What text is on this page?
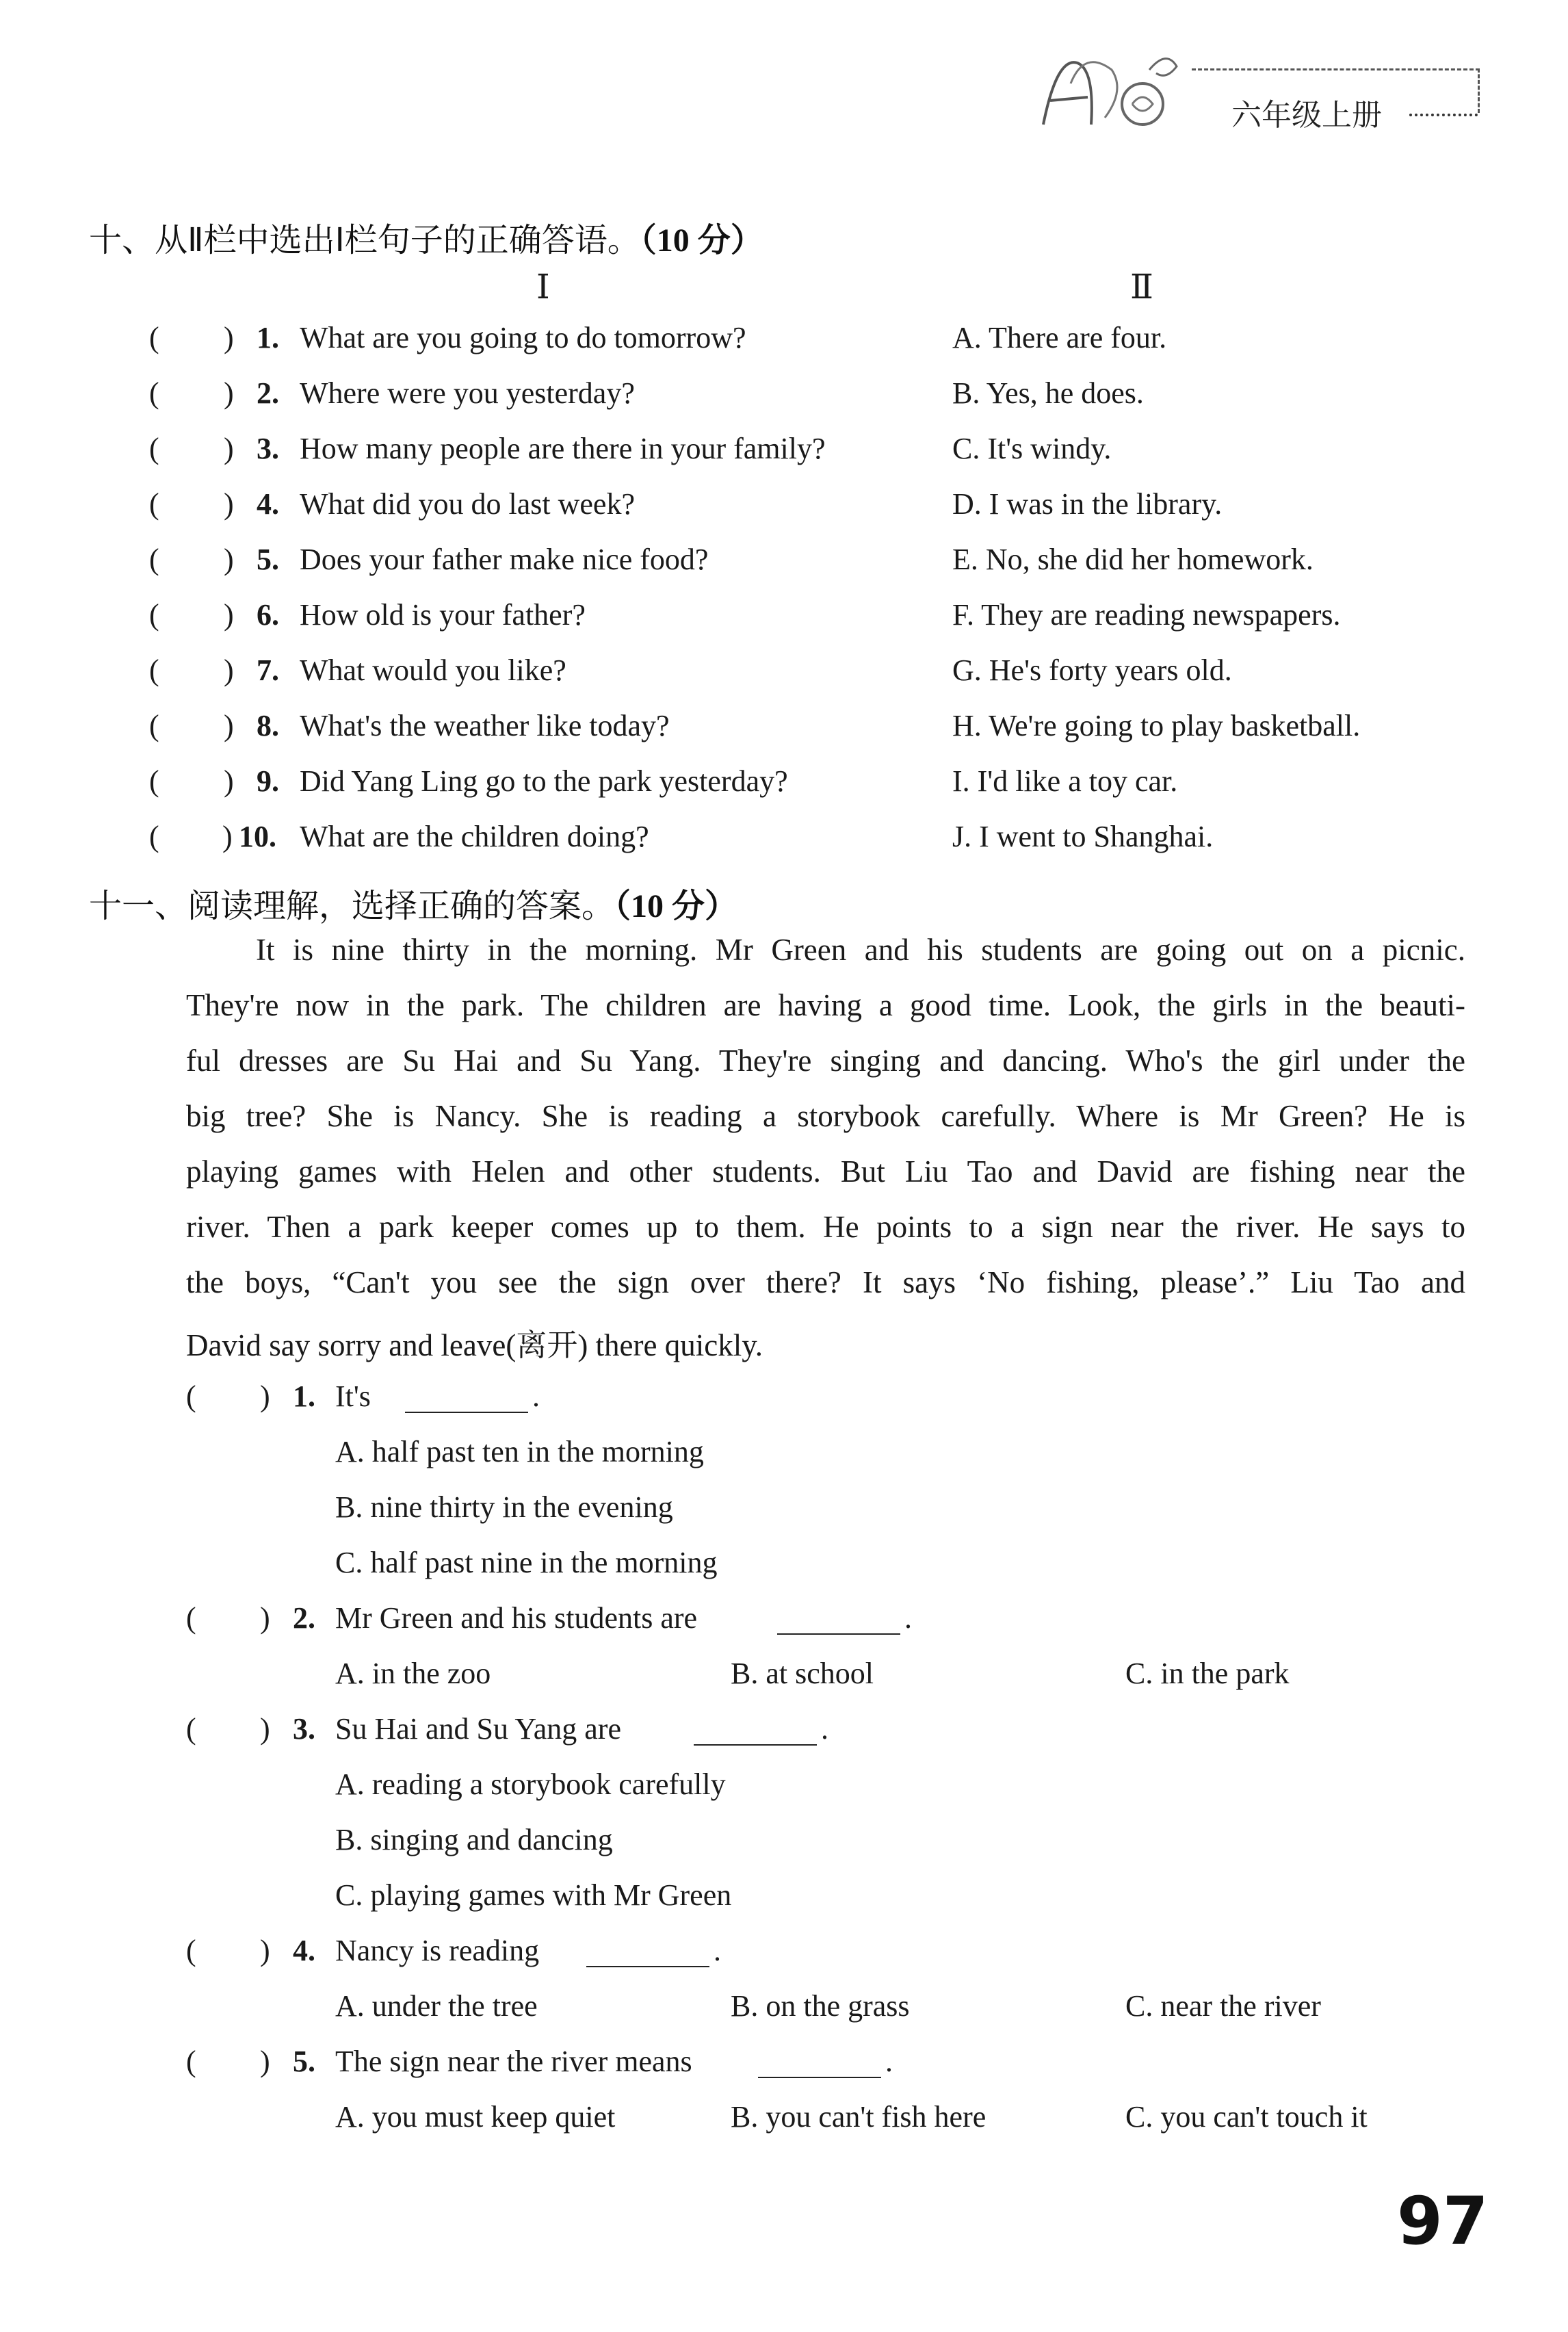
六年级上册
十、从Ⅱ栏中选出Ⅰ栏句子的正确答语。（10 分）
Ⅰ	Ⅱ
( ) 1. What are you going to do tomorrow?	A. There are four.
( ) 2. Where were you yesterday?	B. Yes, he does.
( ) 3. How many people are there in your family?	C. It's windy.
( ) 4. What did you do last week?	D. I was in the library.
( ) 5. Does your father make nice food?	E. No, she did her homework.
( ) 6. How old is your father?	F. They are reading newspapers.
( ) 7. What would you like?	G. He's forty years old.
( ) 8. What's the weather like today?	H. We're going to play basketball.
( ) 9. Did Yang Ling go to the park yesterday?	I. I'd like a toy car.
( ) 10. What are the children doing?	J. I went to Shanghai.
十一、阅读理解，选择正确的答案。（10 分）
It is nine thirty in the morning. Mr Green and his students are going out on a picnic.
They're now in the park. The children are having a good time. Look, the girls in the beauti-
ful dresses are Su Hai and Su Yang. They're singing and dancing. Who's the girl under the
big tree? She is Nancy. She is reading a storybook carefully. Where is Mr Green? He is
playing games with Helen and other students. But Liu Tao and David are fishing near the
river. Then a park keeper comes up to them. He points to a sign near the river. He says to
the boys, “Can't you see the sign over there? It says ‘No fishing, please’.” Liu Tao and
David say sorry and leave(离开) there quickly.
( ) 1. It's	.
A. half past ten in the morning
B. nine thirty in the evening
C. half past nine in the morning
( ) 2. Mr Green and his students are	.
A. in the zoo	B. at school	C. in the park
( ) 3. Su Hai and Su Yang are	.
A. reading a storybook carefully
B. singing and dancing
C. playing games with Mr Green
( ) 4. Nancy is reading	.
A. under the tree	B. on the grass	C. near the river
( ) 5. The sign near the river means	.
A. you must keep quiet	B. you can't fish here	C. you can't touch it
97
